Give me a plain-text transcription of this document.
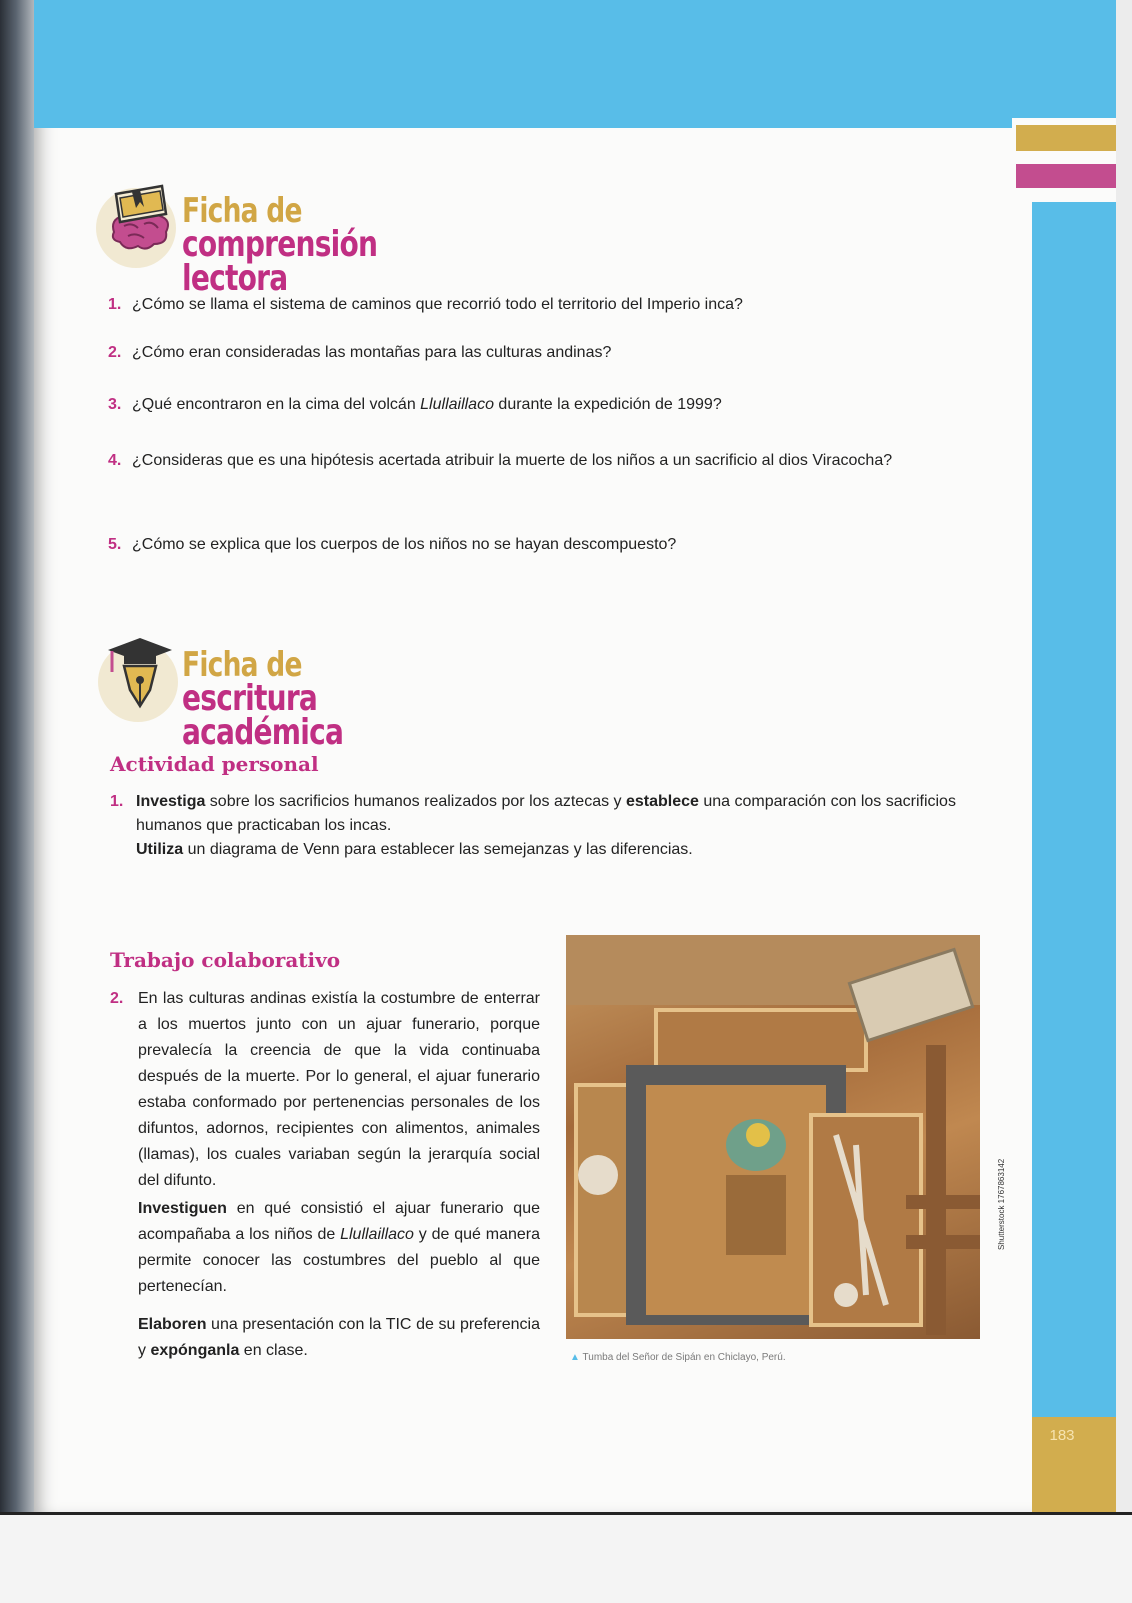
183
Ficha de
comprensión lectora
1. ¿Cómo se llama el sistema de caminos que recorrió todo el territorio del Imperio inca?
2. ¿Cómo eran consideradas las montañas para las culturas andinas?
3. ¿Qué encontraron en la cima del volcán Llullaillaco durante la expedición de 1999?
4. ¿Consideras que es una hipótesis acertada atribuir la muerte de los niños a un sacrificio al dios Viracocha?
5. ¿Cómo se explica que los cuerpos de los niños no se hayan descompuesto?
Ficha de
escritura académica
Actividad personal
1. Investiga sobre los sacrificios humanos realizados por los aztecas y establece una comparación con los sacrificios humanos que practicaban los incas.
Utiliza un diagrama de Venn para establecer las semejanzas y las diferencias.
Trabajo colaborativo
2. En las culturas andinas existía la costumbre de enterrar a los muertos junto con un ajuar funerario, porque prevalecía la creencia de que la vida continuaba después de la muerte. Por lo general, el ajuar funerario estaba conformado por pertenencias personales de los difuntos, adornos, recipientes con alimentos, animales (llamas), los cuales variaban según la jerarquía social del difunto.
Investiguen en qué consistió el ajuar funerario que acompañaba a los niños de Llullaillaco y de qué manera permite conocer las costumbres del pueblo al que pertenecían.
Elaboren una presentación con la TIC de su preferencia y expónganla en clase.
Shutterstock 1767863142
▲ Tumba del Señor de Sipán en Chiclayo, Perú.
